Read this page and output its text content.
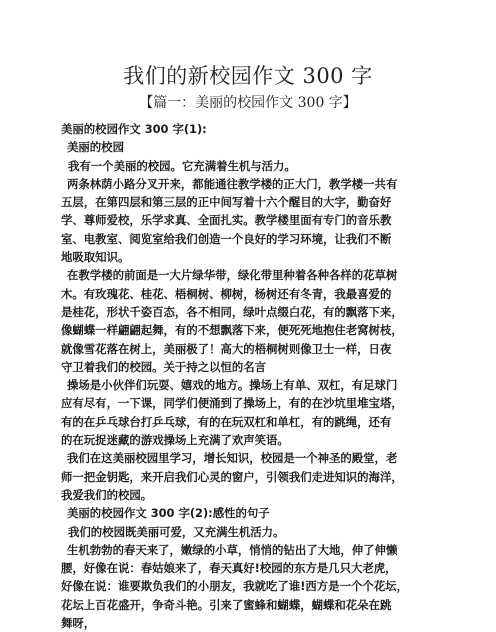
我们的新校园作文 300 字
【篇一：美丽的校园作文 300 字】
美丽的校园作文 300 字(1):
美丽的校园
我有一个美丽的校园。它充满着生机与活力。
两条林荫小路分叉开来，都能通往教学楼的正大门，教学楼一共有
五层，在第四层和第三层的正中间写着十六个醒目的大字，勤奋好
学、尊师爱校，乐学求真、全面扎实。教学楼里面有专门的音乐教
室、电教室、阅览室给我们创造一个良好的学习环境，让我们不断
地吸取知识。
在教学楼的前面是一大片绿华带，绿化带里种着各种各样的花草树
木。有玫瑰花、桂花、梧桐树、柳树，杨树还有冬青，我最喜爱的
是桂花，形状千姿百态，各不相同，绿叶点缀白花，有的飘落下来，
像蝴蝶一样翩翩起舞，有的不想飘落下来，便死死地抱住老窝树枝，
就像雪花落在树上，美丽极了！高大的梧桐树则像卫士一样，日夜
守卫着我们的校园。关于持之以恒的名言
操场是小伙伴们玩耍、嬉戏的地方。操场上有单、双杠，有足球门
应有尽有，一下课，同学们便涌到了操场上，有的在沙坑里堆宝塔，
有的在乒乓球台打乒乓球，有的在玩双杠和单杠，有的跳绳，还有
的在玩捉迷藏的游戏操场上充满了欢声笑语。
我们在这美丽校园里学习，增长知识，校园是一个神圣的殿堂，老
师一把金钥匙，来开启我们心灵的窗户，引领我们走进知识的海洋，
我爱我们的校园。
美丽的校园作文 300 字(2):感性的句子
我们的校园既美丽可爱，又充满生机活力。
生机勃勃的春天来了，嫩绿的小草，悄悄的钻出了大地，伸了伸懒
腰，好像在说：春姑娘来了，春天真好!校园的东方是几只大老虎，
好像在说：谁要欺负我们的小朋友，我就吃了谁!西方是一个个花坛，
花坛上百花盛开，争奇斗艳。引来了蜜蜂和蝴蝶，蝴蝶和花朵在跳
舞呀，
